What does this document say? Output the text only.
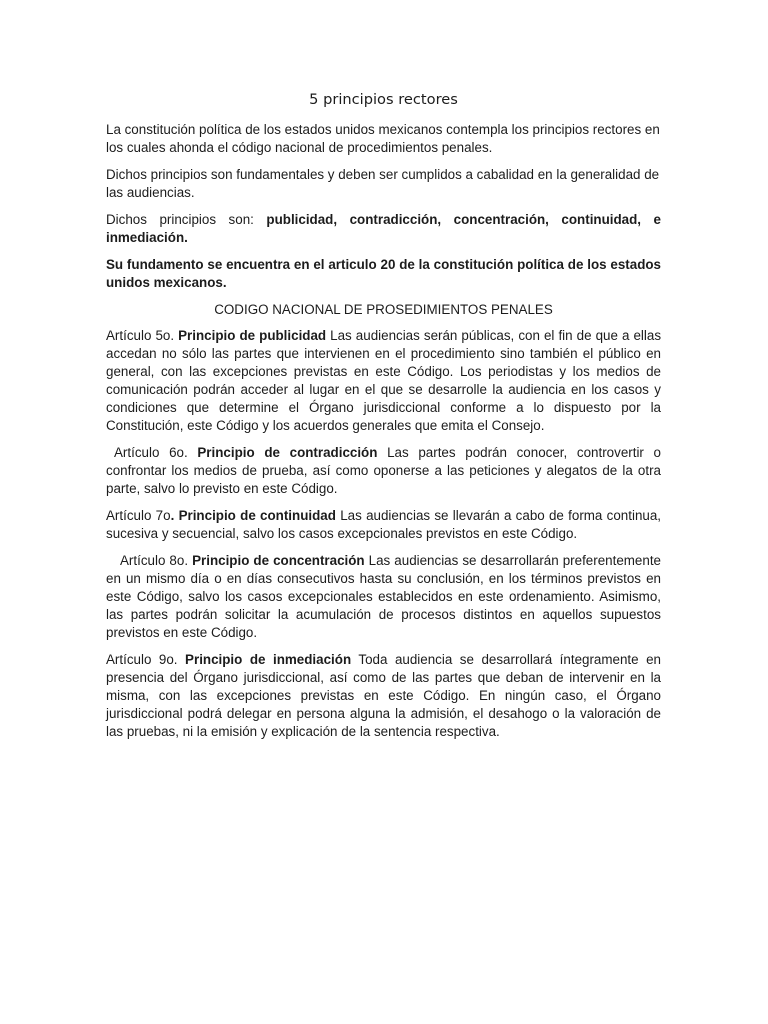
5 principios rectores

La constitución política de los estados unidos mexicanos contempla los principios rectores en los cuales ahonda el código nacional de procedimientos penales.

Dichos principios son fundamentales y deben ser cumplidos a cabalidad en la generalidad de las audiencias.

Dichos principios son: publicidad, contradicción, concentración, continuidad, e inmediación.

Su fundamento se encuentra en el articulo 20 de la constitución política de los estados unidos mexicanos.

CODIGO NACIONAL DE PROSEDIMIENTOS PENALES

Artículo 5o. Principio de publicidad Las audiencias serán públicas, con el fin de que a ellas accedan no sólo las partes que intervienen en el procedimiento sino también el público en general, con las excepciones previstas en este Código. Los periodistas y los medios de comunicación podrán acceder al lugar en el que se desarrolle la audiencia en los casos y condiciones que determine el Órgano jurisdiccional conforme a lo dispuesto por la Constitución, este Código y los acuerdos generales que emita el Consejo.

Artículo 6o. Principio de contradicción Las partes podrán conocer, controvertir o confrontar los medios de prueba, así como oponerse a las peticiones y alegatos de la otra parte, salvo lo previsto en este Código.

Artículo 7o. Principio de continuidad Las audiencias se llevarán a cabo de forma continua, sucesiva y secuencial, salvo los casos excepcionales previstos en este Código.

Artículo 8o. Principio de concentración Las audiencias se desarrollarán preferentemente en un mismo día o en días consecutivos hasta su conclusión, en los términos previstos en este Código, salvo los casos excepcionales establecidos en este ordenamiento. Asimismo, las partes podrán solicitar la acumulación de procesos distintos en aquellos supuestos previstos en este Código.

Artículo 9o. Principio de inmediación Toda audiencia se desarrollará íntegramente en presencia del Órgano jurisdiccional, así como de las partes que deban de intervenir en la misma, con las excepciones previstas en este Código. En ningún caso, el Órgano jurisdiccional podrá delegar en persona alguna la admisión, el desahogo o la valoración de las pruebas, ni la emisión y explicación de la sentencia respectiva.
